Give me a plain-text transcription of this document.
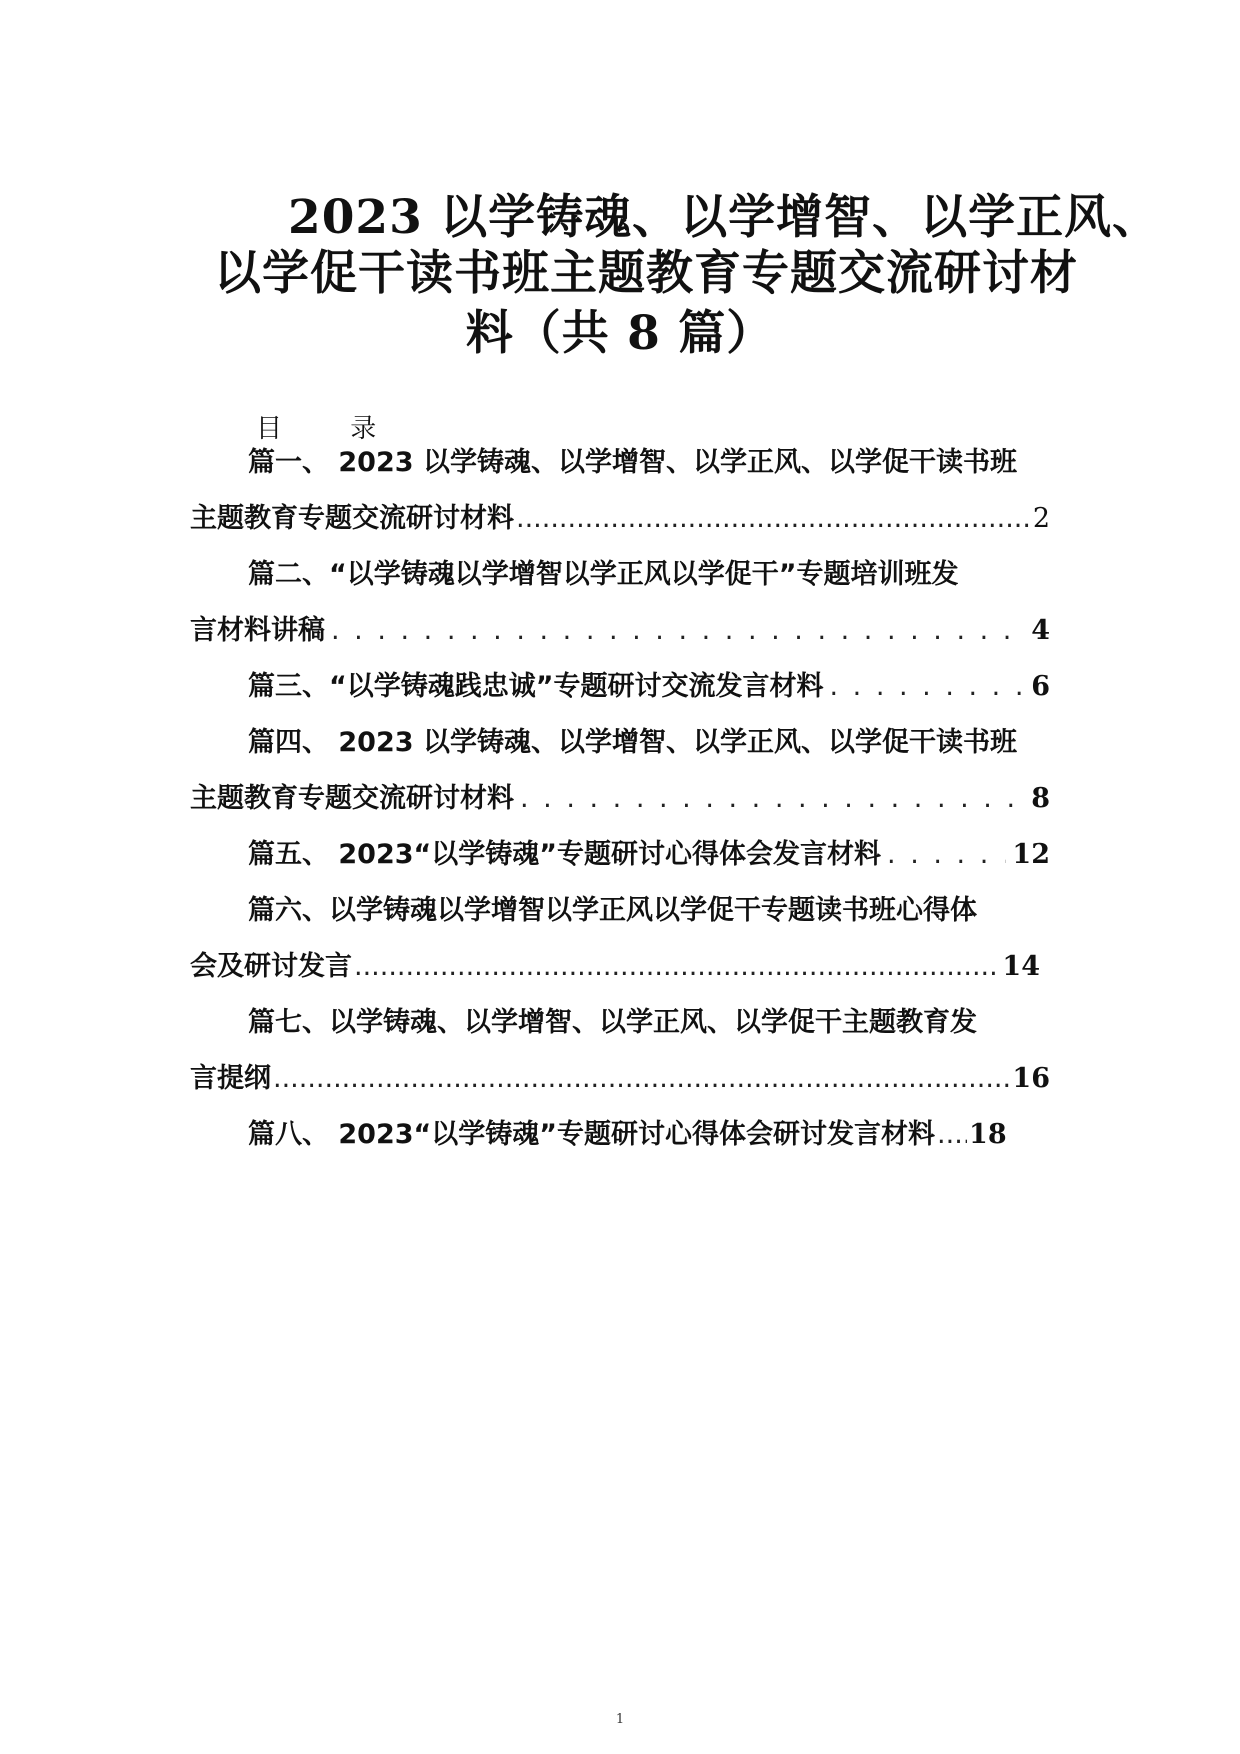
2023 以学铸魂、以学增智、以学正风、
以学促干读书班主题教育专题交流研讨材
料（共 8 篇）
目 录
篇一、 2023 以学铸魂、以学增智、以学正风、以学促干读书班
主题教育专题交流研讨材料 .....	2
篇二、“以学铸魂以学增智以学正风以学促干”专题培训班发
言材料讲稿 . . .	4
篇三、“以学铸魂践忠诚”专题研讨交流发言材料 . . .	6
篇四、 2023 以学铸魂、以学增智、以学正风、以学促干读书班
主题教育专题交流研讨材料 . . .	8
篇五、 2023“以学铸魂”专题研讨心得体会发言材料 . . .	12
篇六、以学铸魂以学增智以学正风以学促干专题读书班心得体
会及研讨发言 .....	14
篇七、以学铸魂、以学增智、以学正风、以学促干主题教育发
言提纲 .....	16
篇八、 2023“以学铸魂”专题研讨心得体会研讨发言材料 ..... 18
1
